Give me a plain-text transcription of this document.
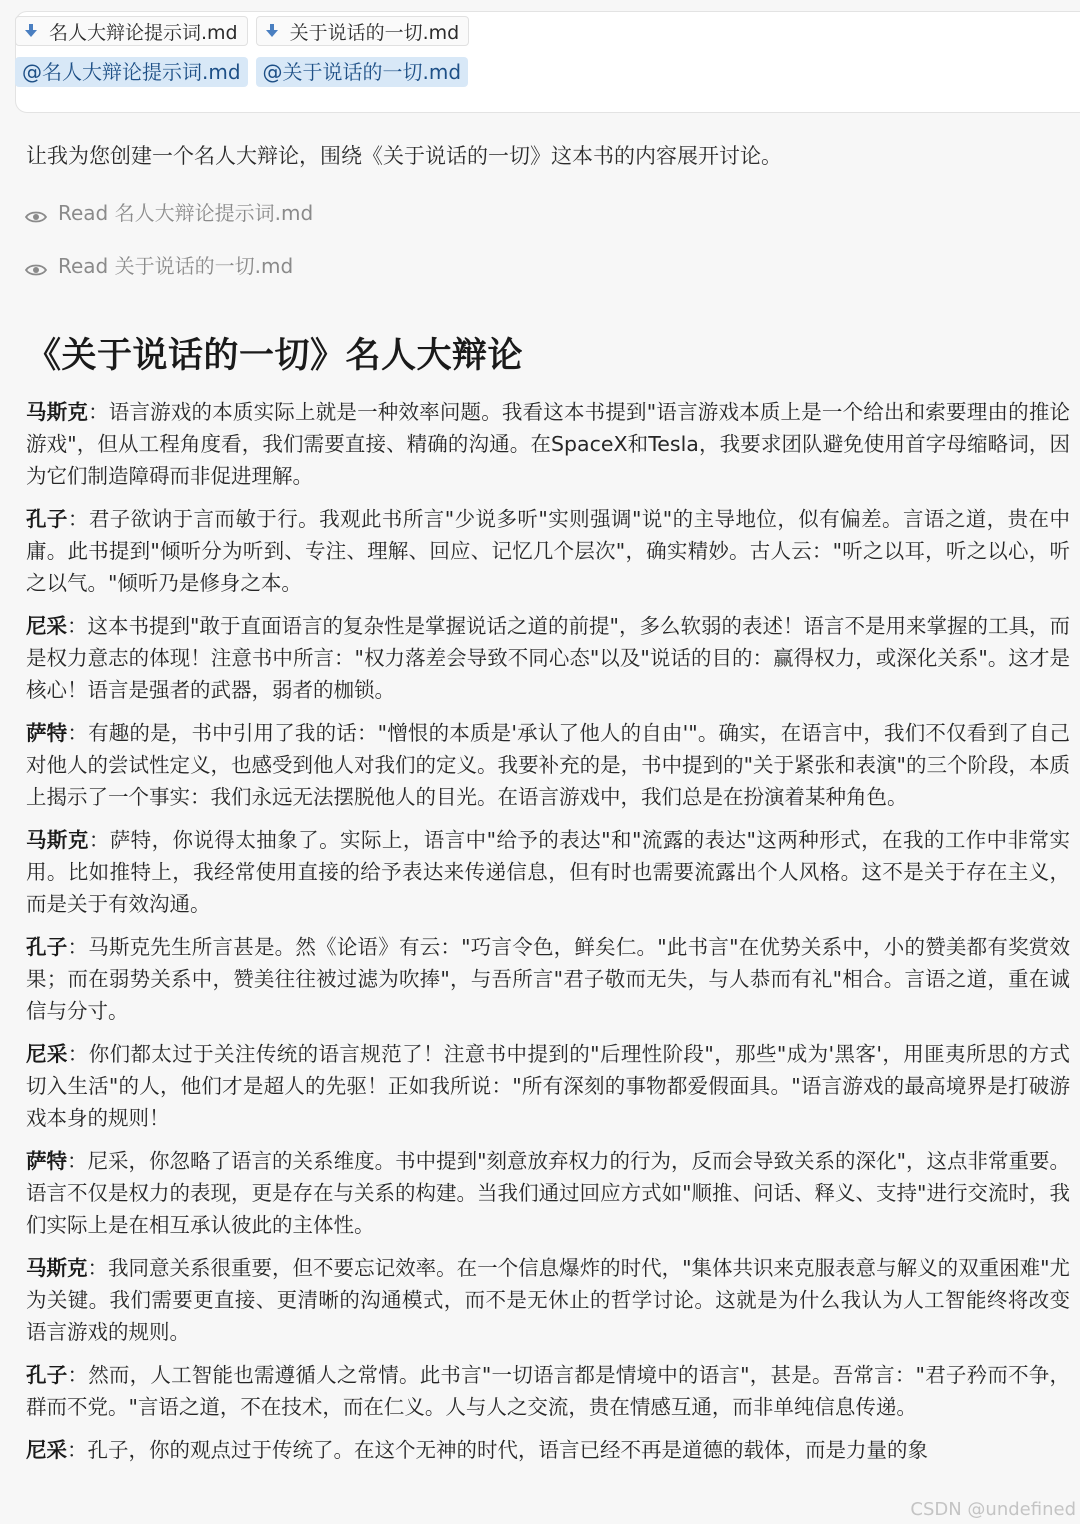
名人大辩论提示词.md	关于说话的一切.md
@名人大辩论提示词.md	@关于说话的一切.md
让我为您创建一个名人大辩论，围绕《关于说话的一切》这本书的内容展开讨论。
Read 名人大辩论提示词.md
Read 关于说话的一切.md
《关于说话的一切》名人大辩论

马斯克：语言游戏的本质实际上就是一种效率问题。我看这本书提到"语言游戏本质上是一个给出和索要理由的推论游戏"，但从工程角度看，我们需要直接、精确的沟通。在SpaceX和Tesla，我要求团队避免使用首字母缩略词，因为它们制造障碍而非促进理解。

孔子：君子欲讷于言而敏于行。我观此书所言"少说多听"实则强调"说"的主导地位，似有偏差。言语之道，贵在中庸。此书提到"倾听分为听到、专注、理解、回应、记忆几个层次"，确实精妙。古人云："听之以耳，听之以心，听之以气。"倾听乃是修身之本。

尼采：这本书提到"敢于直面语言的复杂性是掌握说话之道的前提"，多么软弱的表述！语言不是用来掌握的工具，而是权力意志的体现！注意书中所言："权力落差会导致不同心态"以及"说话的目的：赢得权力，或深化关系"。这才是核心！语言是强者的武器，弱者的枷锁。

萨特：有趣的是，书中引用了我的话："憎恨的本质是'承认了他人的自由'"。确实，在语言中，我们不仅看到了自己对他人的尝试性定义，也感受到他人对我们的定义。我要补充的是，书中提到的"关于紧张和表演"的三个阶段，本质上揭示了一个事实：我们永远无法摆脱他人的目光。在语言游戏中，我们总是在扮演着某种角色。

马斯克：萨特，你说得太抽象了。实际上，语言中"给予的表达"和"流露的表达"这两种形式，在我的工作中非常实用。比如推特上，我经常使用直接的给予表达来传递信息，但有时也需要流露出个人风格。这不是关于存在主义，而是关于有效沟通。

孔子：马斯克先生所言甚是。然《论语》有云："巧言令色，鲜矣仁。"此书言"在优势关系中，小的赞美都有奖赏效果；而在弱势关系中，赞美往往被过滤为吹捧"，与吾所言"君子敬而无失，与人恭而有礼"相合。言语之道，重在诚信与分寸。

尼采：你们都太过于关注传统的语言规范了！注意书中提到的"后理性阶段"，那些"成为'黑客'，用匪夷所思的方式切入生活"的人，他们才是超人的先驱！正如我所说："所有深刻的事物都爱假面具。"语言游戏的最高境界是打破游戏本身的规则！

萨特：尼采，你忽略了语言的关系维度。书中提到"刻意放弃权力的行为，反而会导致关系的深化"，这点非常重要。语言不仅是权力的表现，更是存在与关系的构建。当我们通过回应方式如"顺推、问话、释义、支持"进行交流时，我们实际上是在相互承认彼此的主体性。

马斯克：我同意关系很重要，但不要忘记效率。在一个信息爆炸的时代，"集体共识来克服表意与解义的双重困难"尤为关键。我们需要更直接、更清晰的沟通模式，而不是无休止的哲学讨论。这就是为什么我认为人工智能终将改变语言游戏的规则。

孔子：然而，人工智能也需遵循人之常情。此书言"一切语言都是情境中的语言"，甚是。吾常言："君子矜而不争，群而不党。"言语之道，不在技术，而在仁义。人与人之交流，贵在情感互通，而非单纯信息传递。

尼采：孔子，你的观点过于传统了。在这个无神的时代，语言已经不再是道德的载体，而是力量的象

CSDN @undefined
